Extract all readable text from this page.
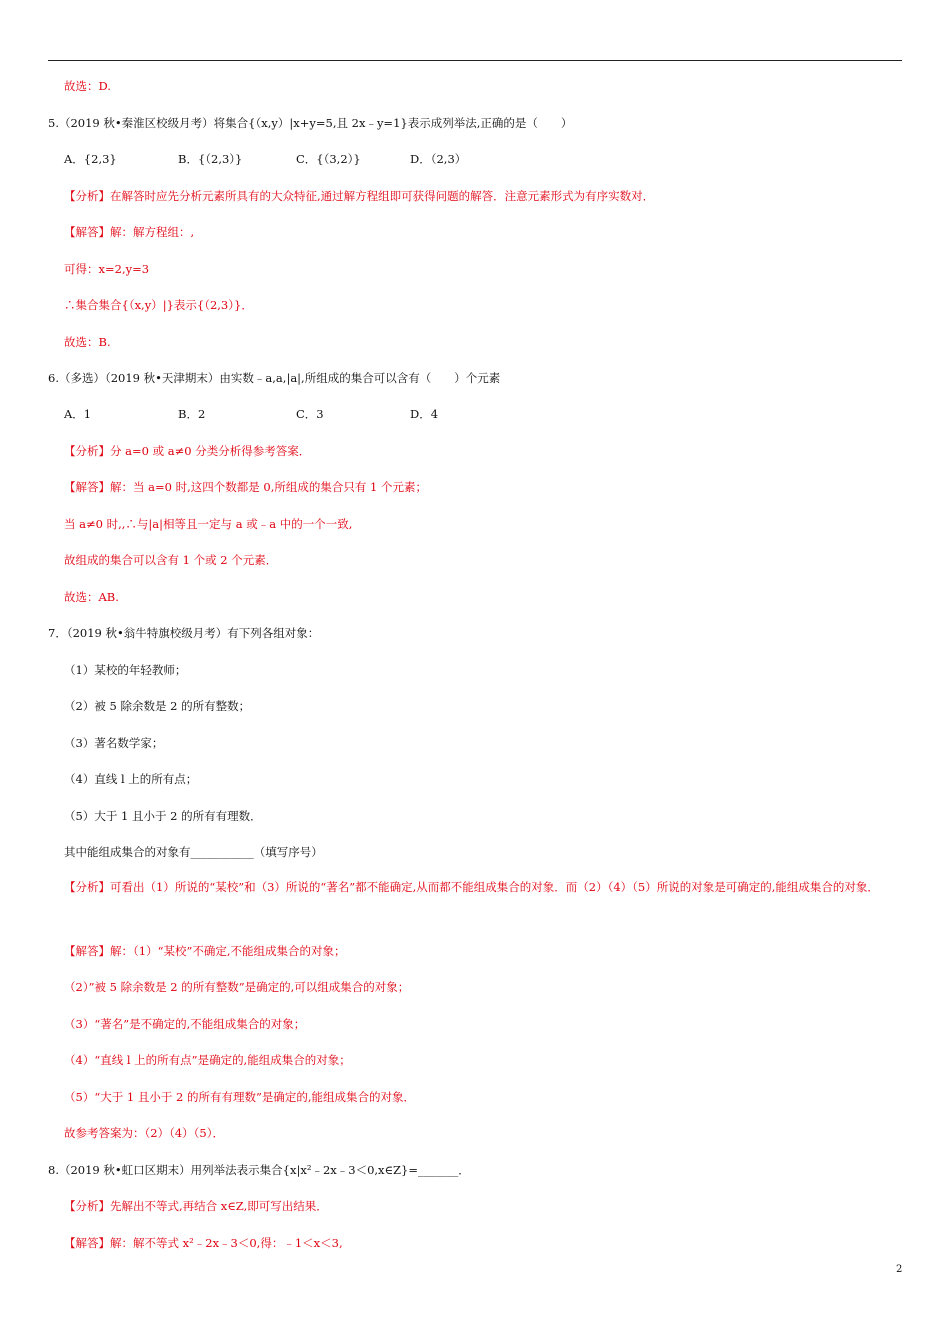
故选：D.
5.（2019 秋•秦淮区校级月考）将集合{（x,y）|x+y=5,且 2x﹣y=1}表示成列举法,正确的是（　　）
A．{2,3}	B．{（2,3）}	C．{（3,2）}	D．（2,3）
【分析】在解答时应先分析元素所具有的大众特征,通过解方程组即可获得问题的解答．注意元素形式为有序实数对．
【解答】解：解方程组：,
可得：x=2,y=3
∴集合集合{（x,y）|}表示{（2,3）}．
故选：B.
6.（多选）（2019 秋•天津期末）由实数﹣a,a,|a|,所组成的集合可以含有（　　）个元素
A．1	B．2	C．3	D．4
【分析】分 a=0 或 a≠0 分类分析得参考答案．
【解答】解：当 a=0 时,这四个数都是 0,所组成的集合只有 1 个元素；
当 a≠0 时,,∴与|a|相等且一定与 a 或﹣a 中的一个一致,
故组成的集合可以含有 1 个或 2 个元素．
故选：AB.
7．（2019 秋•翁牛特旗校级月考）有下列各组对象：
（1）某校的年轻教师；
（2）被 5 除余数是 2 的所有整数；
（3）著名数学家；
（4）直线 l 上的所有点；
（5）大于 1 且小于 2 的所有有理数．
其中能组成集合的对象有___________（填写序号）
【分析】可看出（1）所说的“某校”和（3）所说的“著名”都不能确定,从而都不能组成集合的对象．而（2）（4）（5）所说的对象是可确定的,能组成集合的对象．
【解答】解：（1）“某校”不确定,不能组成集合的对象；
（2）”被 5 除余数是 2 的所有整数”是确定的,可以组成集合的对象；
（3）“著名”是不确定的,不能组成集合的对象；
（4）“直线 l 上的所有点”是确定的,能组成集合的对象；
（5）“大于 1 且小于 2 的所有有理数”是确定的,能组成集合的对象．
故参考答案为：（2）（4）（5）．
8.（2019 秋•虹口区期末）用列举法表示集合{x|x²﹣2x﹣3＜0,x∈Z}=_______．
【分析】先解出不等式,再结合 x∈Z,即可写出结果．
【解答】解：解不等式 x²﹣2x﹣3＜0,得：﹣1＜x＜3,
2
